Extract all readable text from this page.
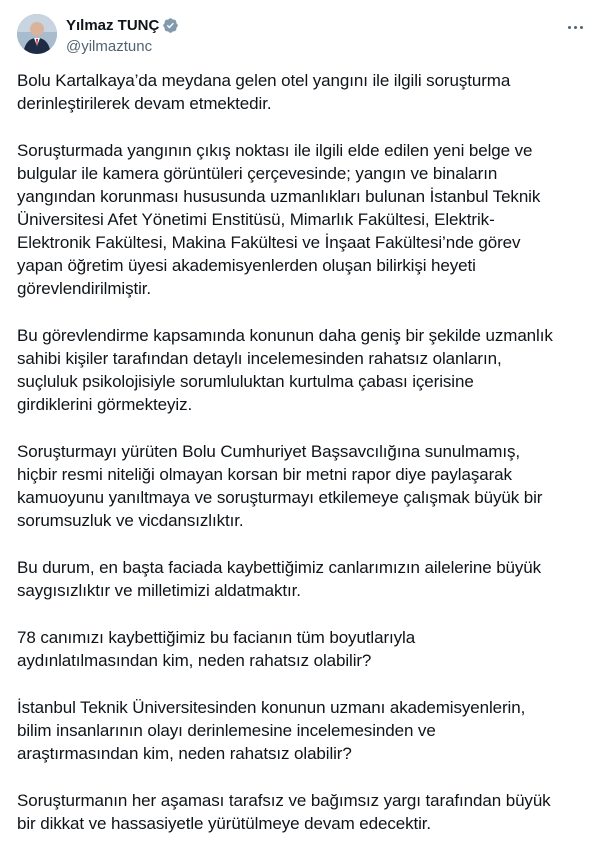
Yılmaz TUNÇ
@yilmaztunc

Bolu Kartalkaya’da meydana gelen otel yangını ile ilgili soruşturma
derinleştirilerek devam etmektedir.

Soruşturmada yangının çıkış noktası ile ilgili elde edilen yeni belge ve
bulgular ile kamera görüntüleri çerçevesinde; yangın ve binaların
yangından korunması hususunda uzmanlıkları bulunan İstanbul Teknik
Üniversitesi Afet Yönetimi Enstitüsü, Mimarlık Fakültesi, Elektrik-
Elektronik Fakültesi, Makina Fakültesi ve İnşaat Fakültesi’nde görev
yapan öğretim üyesi akademisyenlerden oluşan bilirkişi heyeti
görevlendirilmiştir.

Bu görevlendirme kapsamında konunun daha geniş bir şekilde uzmanlık
sahibi kişiler tarafından detaylı incelemesinden rahatsız olanların,
suçluluk psikolojisiyle sorumluluktan kurtulma çabası içerisine
girdiklerini görmekteyiz.

Soruşturmayı yürüten Bolu Cumhuriyet Başsavcılığına sunulmamış,
hiçbir resmi niteliği olmayan korsan bir metni rapor diye paylaşarak
kamuoyunu yanıltmaya ve soruşturmayı etkilemeye çalışmak büyük bir
sorumsuzluk ve vicdansızlıktır.

Bu durum, en başta faciada kaybettiğimiz canlarımızın ailelerine büyük
saygısızlıktır ve milletimizi aldatmaktır.

78 canımızı kaybettiğimiz bu facianın tüm boyutlarıyla
aydınlatılmasından kim, neden rahatsız olabilir?

İstanbul Teknik Üniversitesinden konunun uzmanı akademisyenlerin,
bilim insanlarının olayı derinlemesine incelemesinden ve
araştırmasından kim, neden rahatsız olabilir?

Soruşturmanın her aşaması tarafsız ve bağımsız yargı tarafından büyük
bir dikkat ve hassasiyetle yürütülmeye devam edecektir.
